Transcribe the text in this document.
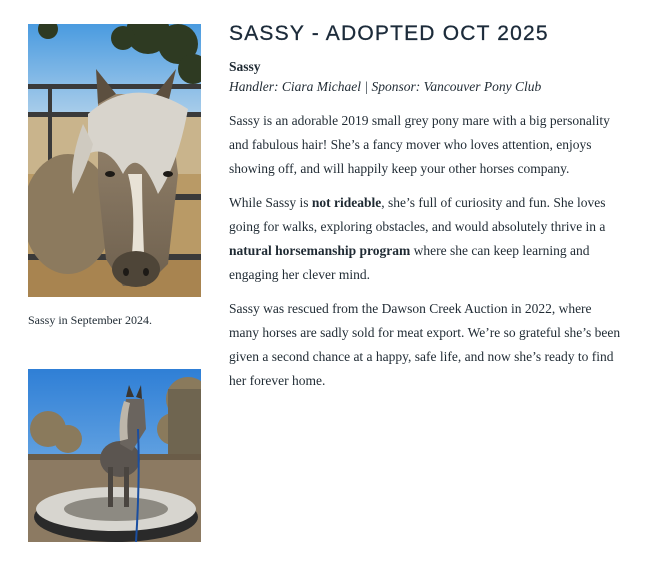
Sassy in September 2024.
SASSY - ADOPTED OCT 2025

Sassy

Handler: Ciara Michael | Sponsor: Vancouver Pony Club

Sassy is an adorable 2019 small grey pony mare with a big personality and fabulous hair! She’s a fancy mover who loves attention, enjoys showing off, and will happily keep your other horses company.

While Sassy is not rideable, she’s full of curiosity and fun. She loves going for walks, exploring obstacles, and would absolutely thrive in a natural horsemanship program where she can keep learning and engaging her clever mind.

Sassy was rescued from the Dawson Creek Auction in 2022, where many horses are sadly sold for meat export. We’re so grateful she’s been given a second chance at a happy, safe life, and now she’s ready to find her forever home.
